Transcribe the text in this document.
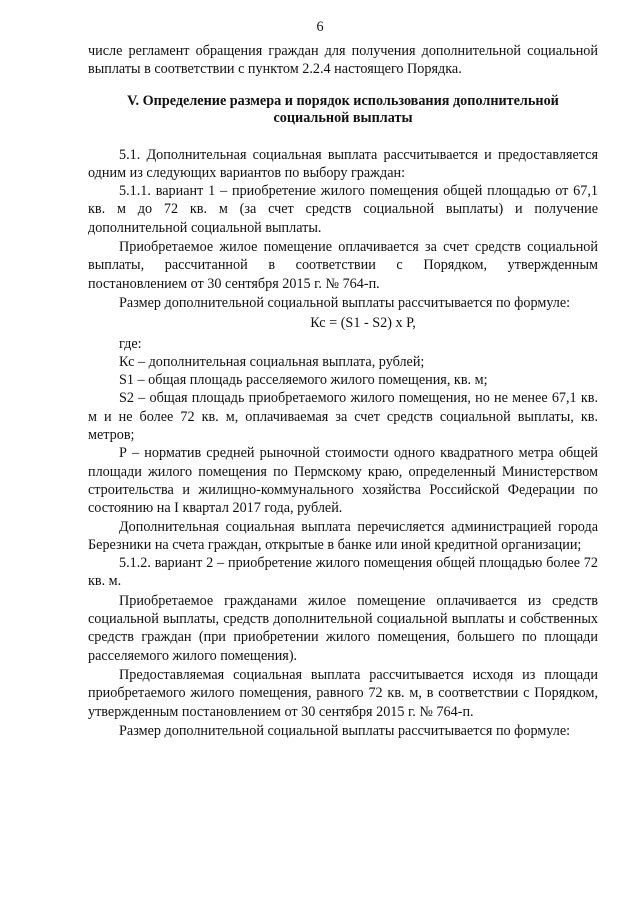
6

числе регламент обращения граждан для получения дополнительной социальной выплаты в соответствии с пунктом 2.2.4 настоящего Порядка.

V. Определение размера и порядок использования дополнительной социальной выплаты

5.1. Дополнительная социальная выплата рассчитывается и предоставляется одним из следующих вариантов по выбору граждан:

5.1.1. вариант 1 – приобретение жилого помещения общей площадью от 67,1 кв. м до 72 кв. м (за счет средств социальной выплаты) и получение дополнительной социальной выплаты.

Приобретаемое жилое помещение оплачивается за счет средств социальной выплаты, рассчитанной в соответствии с Порядком, утвержденным постановлением от 30 сентября 2015 г. № 764-п.

Размер дополнительной социальной выплаты рассчитывается по формуле:

Кс = (S1 - S2) х Р,

где:

Кс – дополнительная социальная выплата, рублей;

S1 – общая площадь расселяемого жилого помещения, кв. м;

S2 – общая площадь приобретаемого жилого помещения, но не менее 67,1 кв. м и не более 72 кв. м, оплачиваемая за счет средств социальной выплаты, кв. метров;

Р – норматив средней рыночной стоимости одного квадратного метра общей площади жилого помещения по Пермскому краю, определенный Министерством строительства и жилищно-коммунального хозяйства Российской Федерации по состоянию на I квартал 2017 года, рублей.

Дополнительная социальная выплата перечисляется администрацией города Березники на счета граждан, открытые в банке или иной кредитной организации;

5.1.2. вариант 2 – приобретение жилого помещения общей площадью более 72 кв. м.

Приобретаемое гражданами жилое помещение оплачивается из средств социальной выплаты, средств дополнительной социальной выплаты и собственных средств граждан (при приобретении жилого помещения, большего по площади расселяемого жилого помещения).

Предоставляемая социальная выплата рассчитывается исходя из площади приобретаемого жилого помещения, равного 72 кв. м, в соответствии с Порядком, утвержденным постановлением от 30 сентября 2015 г. № 764-п.

Размер дополнительной социальной выплаты рассчитывается по формуле:
